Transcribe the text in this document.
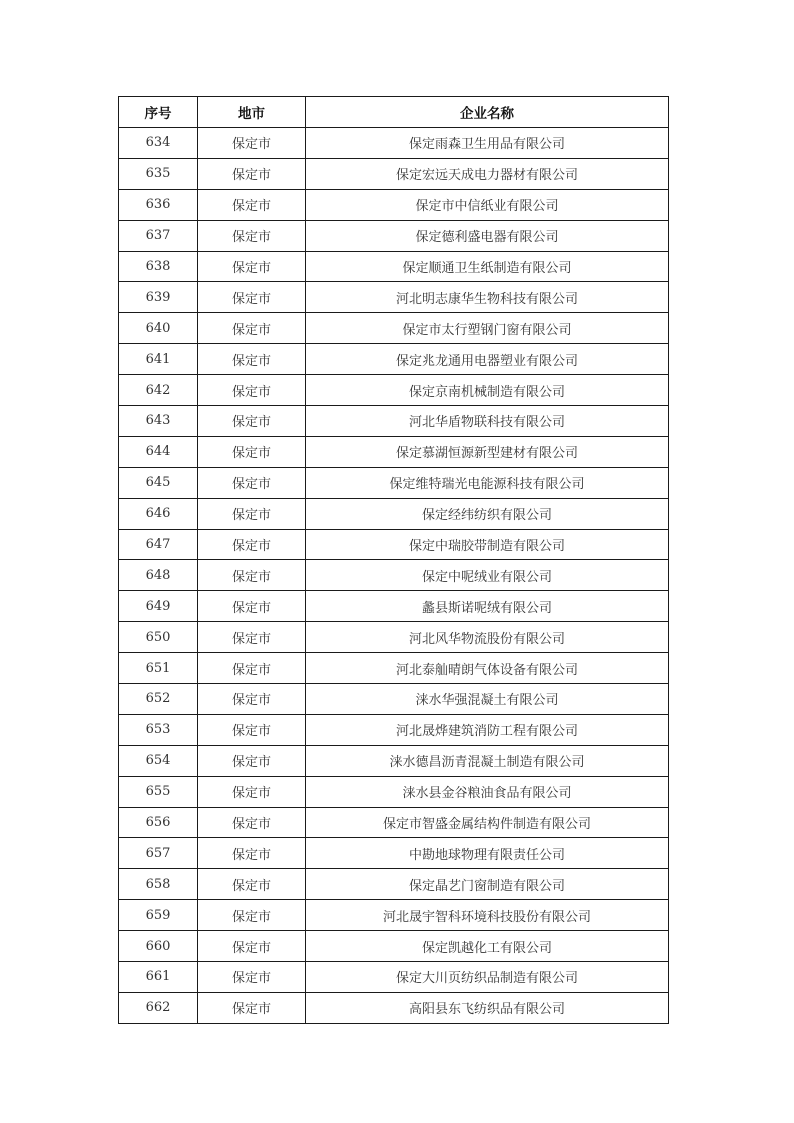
序号	地市	企业名称
634	保定市	保定雨森卫生用品有限公司
635	保定市	保定宏远天成电力器材有限公司
636	保定市	保定市中信纸业有限公司
637	保定市	保定德利盛电器有限公司
638	保定市	保定顺通卫生纸制造有限公司
639	保定市	河北明志康华生物科技有限公司
640	保定市	保定市太行塑钢门窗有限公司
641	保定市	保定兆龙通用电器塑业有限公司
642	保定市	保定京南机械制造有限公司
643	保定市	河北华盾物联科技有限公司
644	保定市	保定慕湖恒源新型建材有限公司
645	保定市	保定维特瑞光电能源科技有限公司
646	保定市	保定经纬纺织有限公司
647	保定市	保定中瑞胶带制造有限公司
648	保定市	保定中呢绒业有限公司
649	保定市	蠡县斯诺呢绒有限公司
650	保定市	河北风华物流股份有限公司
651	保定市	河北泰舢晴朗气体设备有限公司
652	保定市	涞水华强混凝土有限公司
653	保定市	河北晟烨建筑消防工程有限公司
654	保定市	涞水德昌沥青混凝土制造有限公司
655	保定市	涞水县金谷粮油食品有限公司
656	保定市	保定市智盛金属结构件制造有限公司
657	保定市	中勘地球物理有限责任公司
658	保定市	保定晶艺门窗制造有限公司
659	保定市	河北晟宇智科环境科技股份有限公司
660	保定市	保定凯越化工有限公司
661	保定市	保定大川页纺织品制造有限公司
662	保定市	高阳县东飞纺织品有限公司
